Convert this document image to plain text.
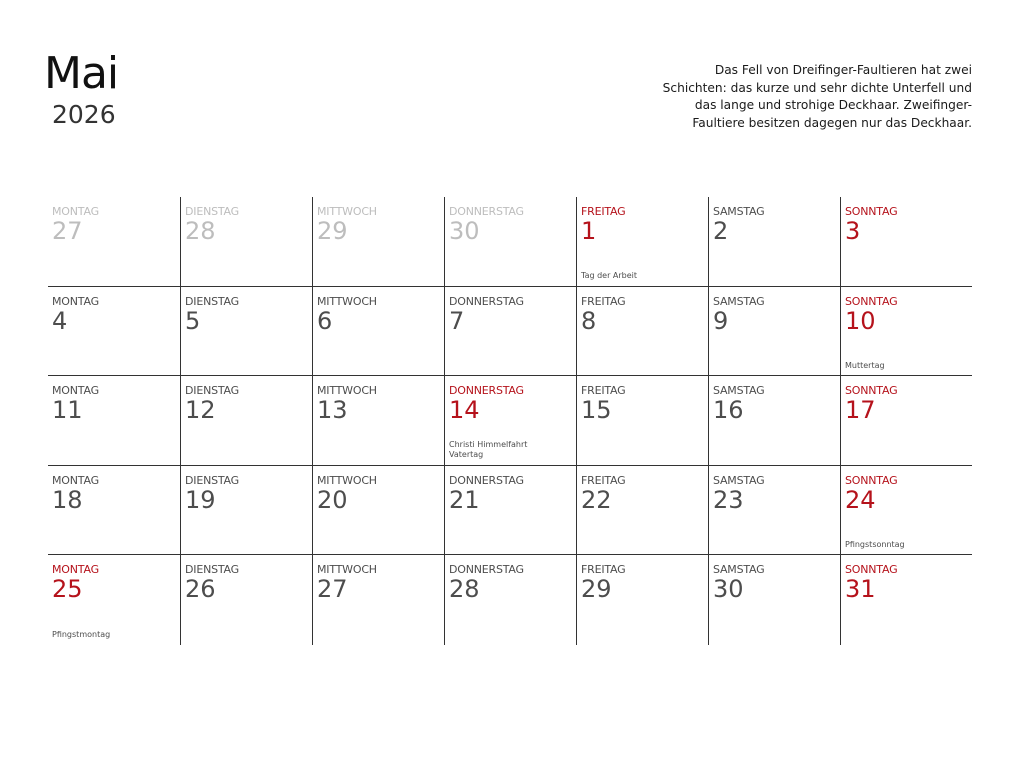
Mai
2026
Das Fell von Dreifinger-Faultieren hat zwei Schichten: das kurze und sehr dichte Unterfell und das lange und strohige Deckhaar. Zweifinger-Faultiere besitzen dagegen nur das Deckhaar.
MONTAG
27
DIENSTAG
28
MITTWOCH
29
DONNERSTAG
30
FREITAG
1
Tag der Arbeit
SAMSTAG
2
SONNTAG
3
MONTAG
4
DIENSTAG
5
MITTWOCH
6
DONNERSTAG
7
FREITAG
8
SAMSTAG
9
SONNTAG
10
Muttertag
MONTAG
11
DIENSTAG
12
MITTWOCH
13
DONNERSTAG
14
Christi Himmelfahrt
Vatertag
FREITAG
15
SAMSTAG
16
SONNTAG
17
MONTAG
18
DIENSTAG
19
MITTWOCH
20
DONNERSTAG
21
FREITAG
22
SAMSTAG
23
SONNTAG
24
Pfingstsonntag
MONTAG
25
Pfingstmontag
DIENSTAG
26
MITTWOCH
27
DONNERSTAG
28
FREITAG
29
SAMSTAG
30
SONNTAG
31
